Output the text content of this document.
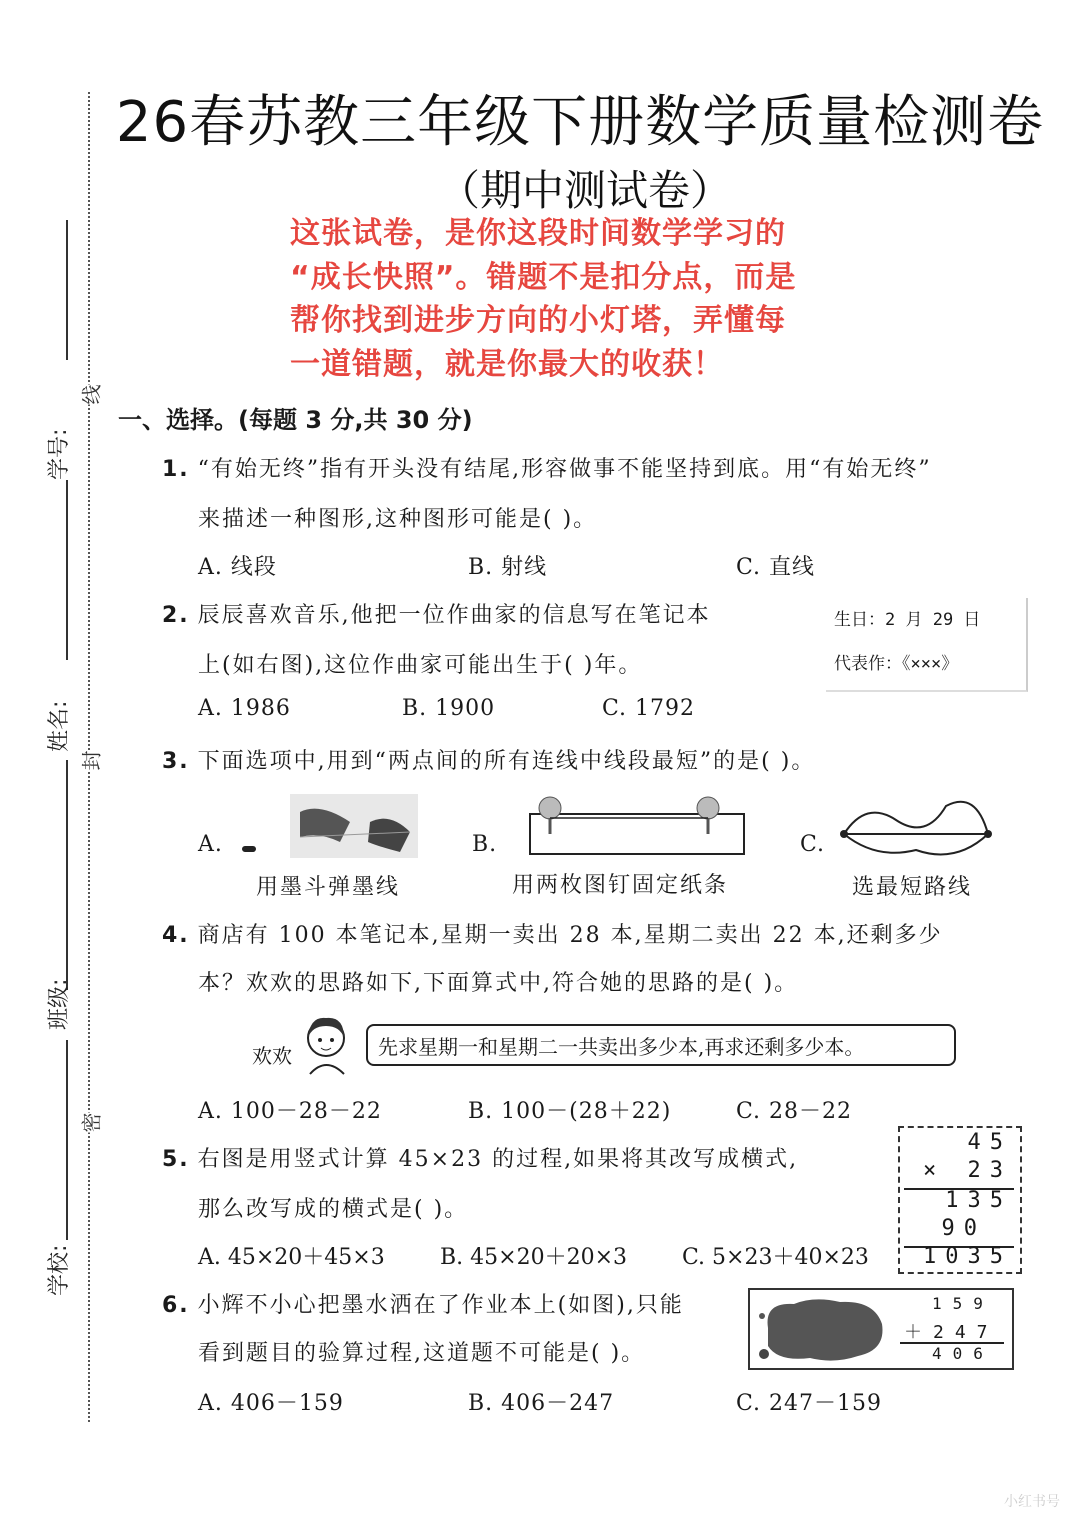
学号:
姓名:
班级:
学校:
线
封
密
26春苏教三年级下册数学质量检测卷
（期中测试卷）
这张试卷，是你这段时间数学学习的
“成长快照”。错题不是扣分点，而是
帮你找到进步方向的小灯塔，弄懂每
一道错题，就是你最大的收获！
一、选择。(每题 3 分,共 30 分)
1. “有始无终”指有开头没有结尾,形容做事不能坚持到底。用“有始无终”
来描述一种图形,这种图形可能是( )。
A. 线段	B. 射线	C. 直线
2. 辰辰喜欢音乐,他把一位作曲家的信息写在笔记本
上(如右图),这位作曲家可能出生于( )年。
生日：2 月 29 日
代表作：《×××》
A. 1986	B. 1900	C. 1792
3. 下面选项中,用到“两点间的所有连线中线段最短”的是( )。
A.
用墨斗弹墨线
B.
用两枚图钉固定纸条
C.
选最短路线
4. 商店有 100 本笔记本,星期一卖出 28 本,星期二卖出 22 本,还剩多少
本？欢欢的思路如下,下面算式中,符合她的思路的是( )。
欢欢	先求星期一和星期二一共卖出多少本,再求还剩多少本。
A. 100－28－22	B. 100－(28＋22)	C. 28－22
5. 右图是用竖式计算 45×23 的过程,如果将其改写成横式,
那么改写成的横式是( )。
A. 45×20＋45×3	B. 45×20＋20×3 C. 5×23＋40×23
45
× 23
135
90
1035
6. 小辉不小心把墨水洒在了作业本上(如图),只能
看到题目的验算过程,这道题不可能是( )。
159
＋247
406
A. 406－159	B. 406－247	C. 247－159
小红书号
